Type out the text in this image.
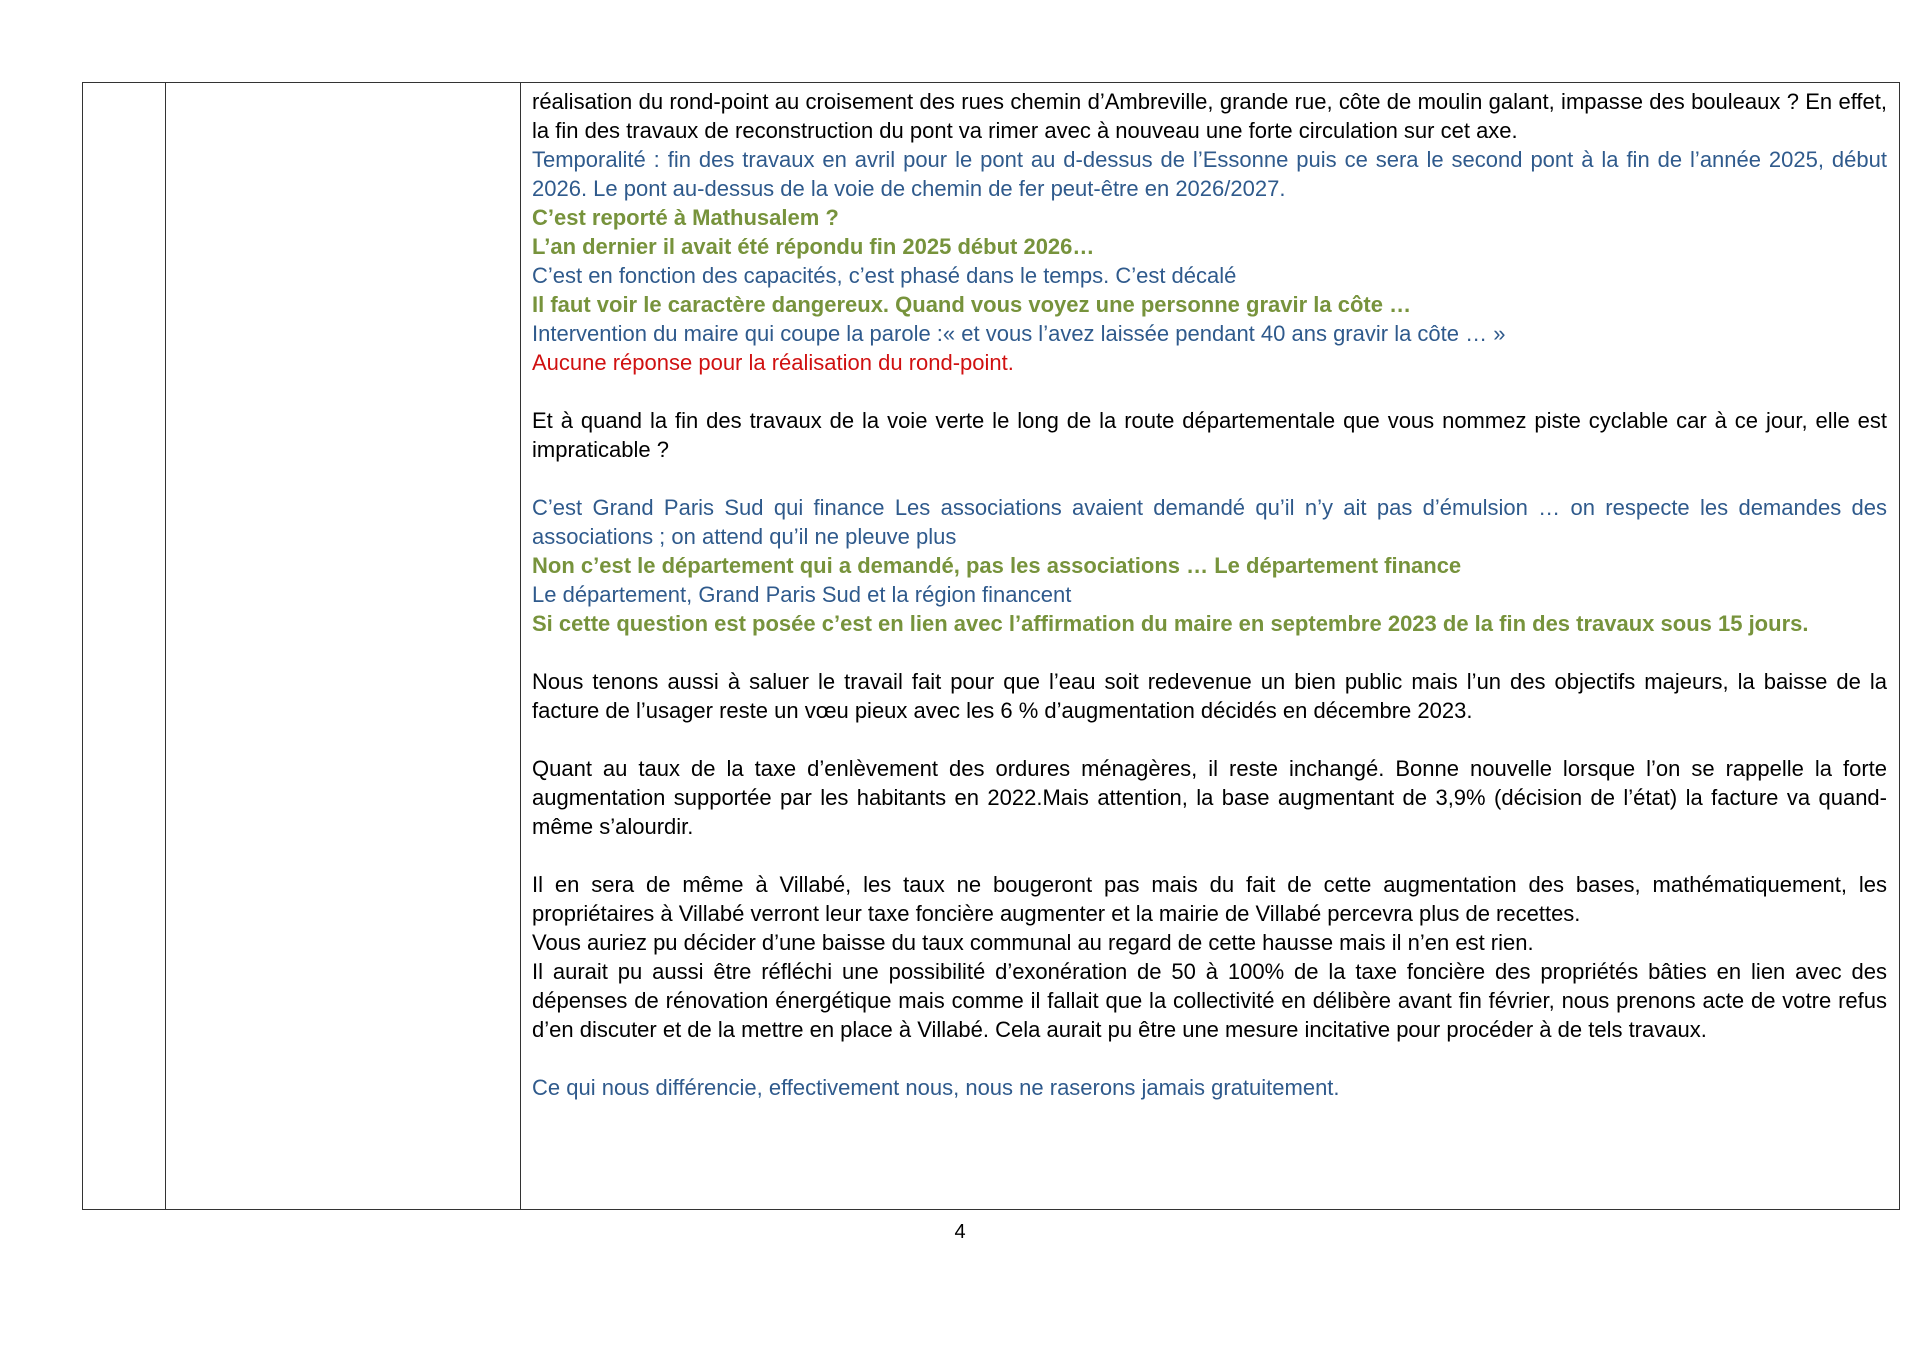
réalisation du rond-point au croisement des rues chemin d’Ambreville, grande rue, côte de moulin galant, impasse des bouleaux ? En effet, la fin des travaux de reconstruction du pont va rimer avec à nouveau une forte circulation sur cet axe.

Temporalité : fin des travaux en avril pour le pont au d-dessus de l’Essonne puis ce sera le second pont à la fin de l’année 2025, début 2026. Le pont au-dessus de la voie de chemin de fer peut-être en 2026/2027.

C’est reporté à Mathusalem ?

L’an dernier il avait été répondu fin 2025 début 2026…

C’est en fonction des capacités, c’est phasé dans le temps. C’est décalé

Il faut voir le caractère dangereux. Quand vous voyez une personne gravir la côte …

Intervention du maire qui coupe la parole :« et vous l’avez laissée pendant 40 ans gravir la côte … »

Aucune réponse pour la réalisation du rond-point.

Et à quand la fin des travaux de la voie verte le long de la route départementale que vous nommez piste cyclable car à ce jour, elle est impraticable ?

C’est Grand Paris Sud qui finance Les associations avaient demandé qu’il n’y ait pas d’émulsion … on respecte les demandes des associations ; on attend qu’il ne pleuve plus

Non c’est le département qui a demandé, pas les associations … Le département finance

Le département, Grand Paris Sud et la région financent

Si cette question est posée c’est en lien avec l’affirmation du maire en septembre 2023 de la fin des travaux sous 15 jours.

Nous tenons aussi à saluer le travail fait pour que l’eau soit redevenue un bien public mais l’un des objectifs majeurs, la baisse de la facture de l’usager reste un vœu pieux avec les 6 % d’augmentation décidés en décembre 2023.

Quant au taux de la taxe d’enlèvement des ordures ménagères, il reste inchangé. Bonne nouvelle lorsque l’on se rappelle la forte augmentation supportée par les habitants en 2022.Mais attention, la base augmentant de 3,9% (décision de l’état) la facture va quand-même s’alourdir.

Il en sera de même à Villabé, les taux ne bougeront pas mais du fait de cette augmentation des bases, mathématiquement, les propriétaires à Villabé verront leur taxe foncière augmenter et la mairie de Villabé percevra plus de recettes.

Vous auriez pu décider d’une baisse du taux communal au regard de cette hausse mais il n’en est rien.

Il aurait pu aussi être réfléchi une possibilité d’exonération de 50 à 100% de la taxe foncière des propriétés bâties en lien avec des dépenses de rénovation énergétique mais comme il fallait que la collectivité en délibère avant fin février, nous prenons acte de votre refus d’en discuter et de la mettre en place à Villabé. Cela aurait pu être une mesure incitative pour procéder à de tels travaux.

Ce qui nous différencie, effectivement nous, nous ne raserons jamais gratuitement.

4
